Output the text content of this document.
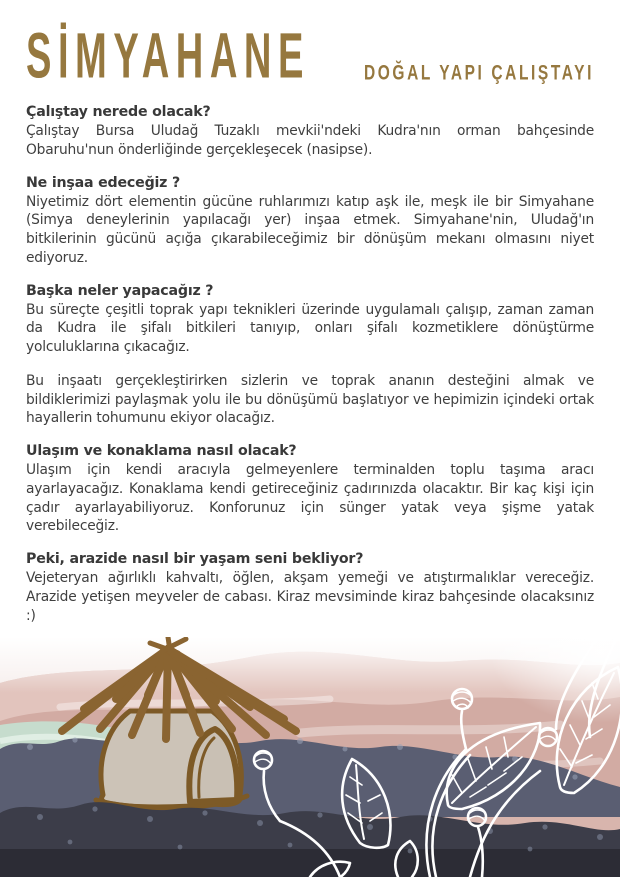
SİMYAHANE	DOĞAL YAPI ÇALIŞTAYI
Çalıştay nerede olacak?

Çalıştay Bursa Uludağ Tuzaklı mevkii'ndeki Kudra'nın orman bahçesinde Obaruhu'nun önderliğinde gerçekleşecek (nasipse).

Ne inşaa edeceğiz ?

Niyetimiz dört elementin gücüne ruhlarımızı katıp aşk ile, meşk ile bir Simyahane (Simya deneylerinin yapılacağı yer) inşaa etmek. Simyahane'nin, Uludağ'ın bitkilerinin gücünü açığa çıkarabileceğimiz bir dönüşüm mekanı olmasını niyet ediyoruz.

Başka neler yapacağız ?

Bu süreçte çeşitli toprak yapı teknikleri üzerinde uygulamalı çalışıp, zaman zaman da Kudra ile şifalı bitkileri tanıyıp, onları şifalı kozmetiklere dönüştürme yolculuklarına çıkacağız.

Bu inşaatı gerçekleştirirken sizlerin ve toprak ananın desteğini almak ve bildiklerimizi paylaşmak yolu ile bu dönüşümü başlatıyor ve hepimizin içindeki ortak hayallerin tohumunu ekiyor olacağız.

Ulaşım ve konaklama nasıl olacak?

Ulaşım için kendi aracıyla gelmeyenlere terminalden toplu taşıma aracı ayarlayacağız. Konaklama kendi getireceğiniz çadırınızda olacaktır. Bir kaç kişi için çadır ayarlayabiliyoruz. Konforunuz için sünger yatak veya şişme yatak verebileceğiz.

Peki, arazide nasıl bir yaşam seni bekliyor?

Vejeteryan ağırlıklı kahvaltı, öğlen, akşam yemeği ve atıştırmalıklar vereceğiz. Arazide yetişen meyveler de cabası. Kiraz mevsiminde kiraz bahçesinde olacaksınız :)
